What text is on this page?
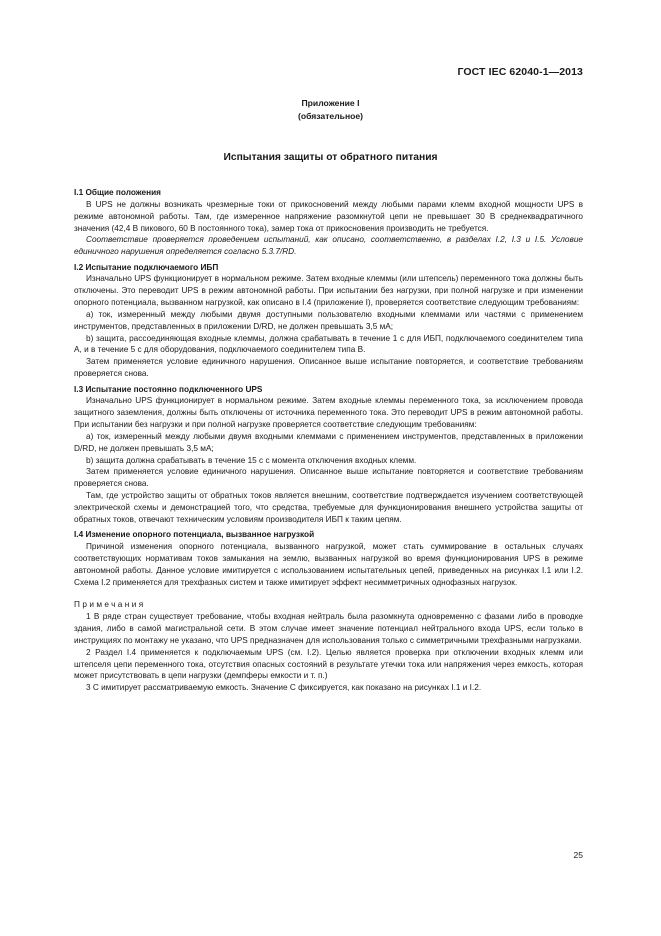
ГОСТ IEC 62040-1—2013
Приложение I
(обязательное)
Испытания защиты от обратного питания
I.1 Общие положения

В UPS не должны возникать чрезмерные токи от прикосновений между любыми парами клемм входной мощности UPS в режиме автономной работы. Там, где измеренное напряжение разомкнутой цепи не превышает 30 В среднеквадратичного значения (42,4 В пикового, 60 В постоянного тока), замер тока от прикосновения производить не требуется.

Соответствие проверяется проведением испытаний, как описано, соответственно, в разделах I.2, I.3 и I.5. Условие единичного нарушения определяется согласно 5.3.7/RD.

I.2 Испытание подключаемого ИБП

Изначально UPS функционирует в нормальном режиме. Затем входные клеммы (или штепсель) переменного тока должны быть отключены. Это переводит UPS в режим автономной работы. При испытании без нагрузки, при полной нагрузке и при изменении опорного потенциала, вызванном нагрузкой, как описано в I.4 (приложение I), проверяется соответствие следующим требованиям:

a) ток, измеренный между любыми двумя доступными пользователю входными клеммами или частями с применением инструментов, представленных в приложении D/RD, не должен превышать 3,5 мА;

b) защита, рассоединяющая входные клеммы, должна срабатывать в течение 1 с для ИБП, подключаемого соединителем типа А, и в течение 5 с для оборудования, подключаемого соединителем типа В.

Затем применяется условие единичного нарушения. Описанное выше испытание повторяется, и соответствие требованиям проверяется снова.

I.3 Испытание постоянно подключенного UPS

Изначально UPS функционирует в нормальном режиме. Затем входные клеммы переменного тока, за исключением провода защитного заземления, должны быть отключены от источника переменного тока. Это переводит UPS в режим автономной работы. При испытании без нагрузки и при полной нагрузке проверяется соответствие следующим требованиям:

a) ток, измеренный между любыми двумя входными клеммами с применением инструментов, представленных в приложении D/RD, не должен превышать 3,5 мА;

b) защита должна срабатывать в течение 15 с с момента отключения входных клемм.

Затем применяется условие единичного нарушения. Описанное выше испытание повторяется и соответствие требованиям проверяется снова.

Там, где устройство защиты от обратных токов является внешним, соответствие подтверждается изучением соответствующей электрической схемы и демонстрацией того, что средства, требуемые для функционирования внешнего устройства защиты от обратных токов, отвечают техническим условиям производителя ИБП к таким цепям.

I.4 Изменение опорного потенциала, вызванное нагрузкой

Причиной изменения опорного потенциала, вызванного нагрузкой, может стать суммирование в остальных случаях соответствующих нормативам токов замыкания на землю, вызванных нагрузкой во время функционирования UPS в режиме автономной работы. Данное условие имитируется с использованием испытательных цепей, приведенных на рисунках I.1 или I.2. Схема I.2 применяется для трехфазных систем и также имитирует эффект несимметричных однофазных нагрузок.

Примечания

1 В ряде стран существует требование, чтобы входная нейтраль была разомкнута одновременно с фазами либо в проводке здания, либо в самой магистральной сети. В этом случае имеет значение потенциал нейтрального входа UPS, если только в инструкциях по монтажу не указано, что UPS предназначен для использования только с симметричными трехфазными нагрузками.

2 Раздел I.4 применяется к подключаемым UPS (см. I.2). Целью является проверка при отключении входных клемм или штепселя цепи переменного тока, отсутствия опасных состояний в результате утечки тока или напряжения через емкость, которая может присутствовать в цепи нагрузки (демпферы емкости и т. п.)

3 С имитирует рассматриваемую емкость. Значение С фиксируется, как показано на рисунках I.1 и I.2.

25
